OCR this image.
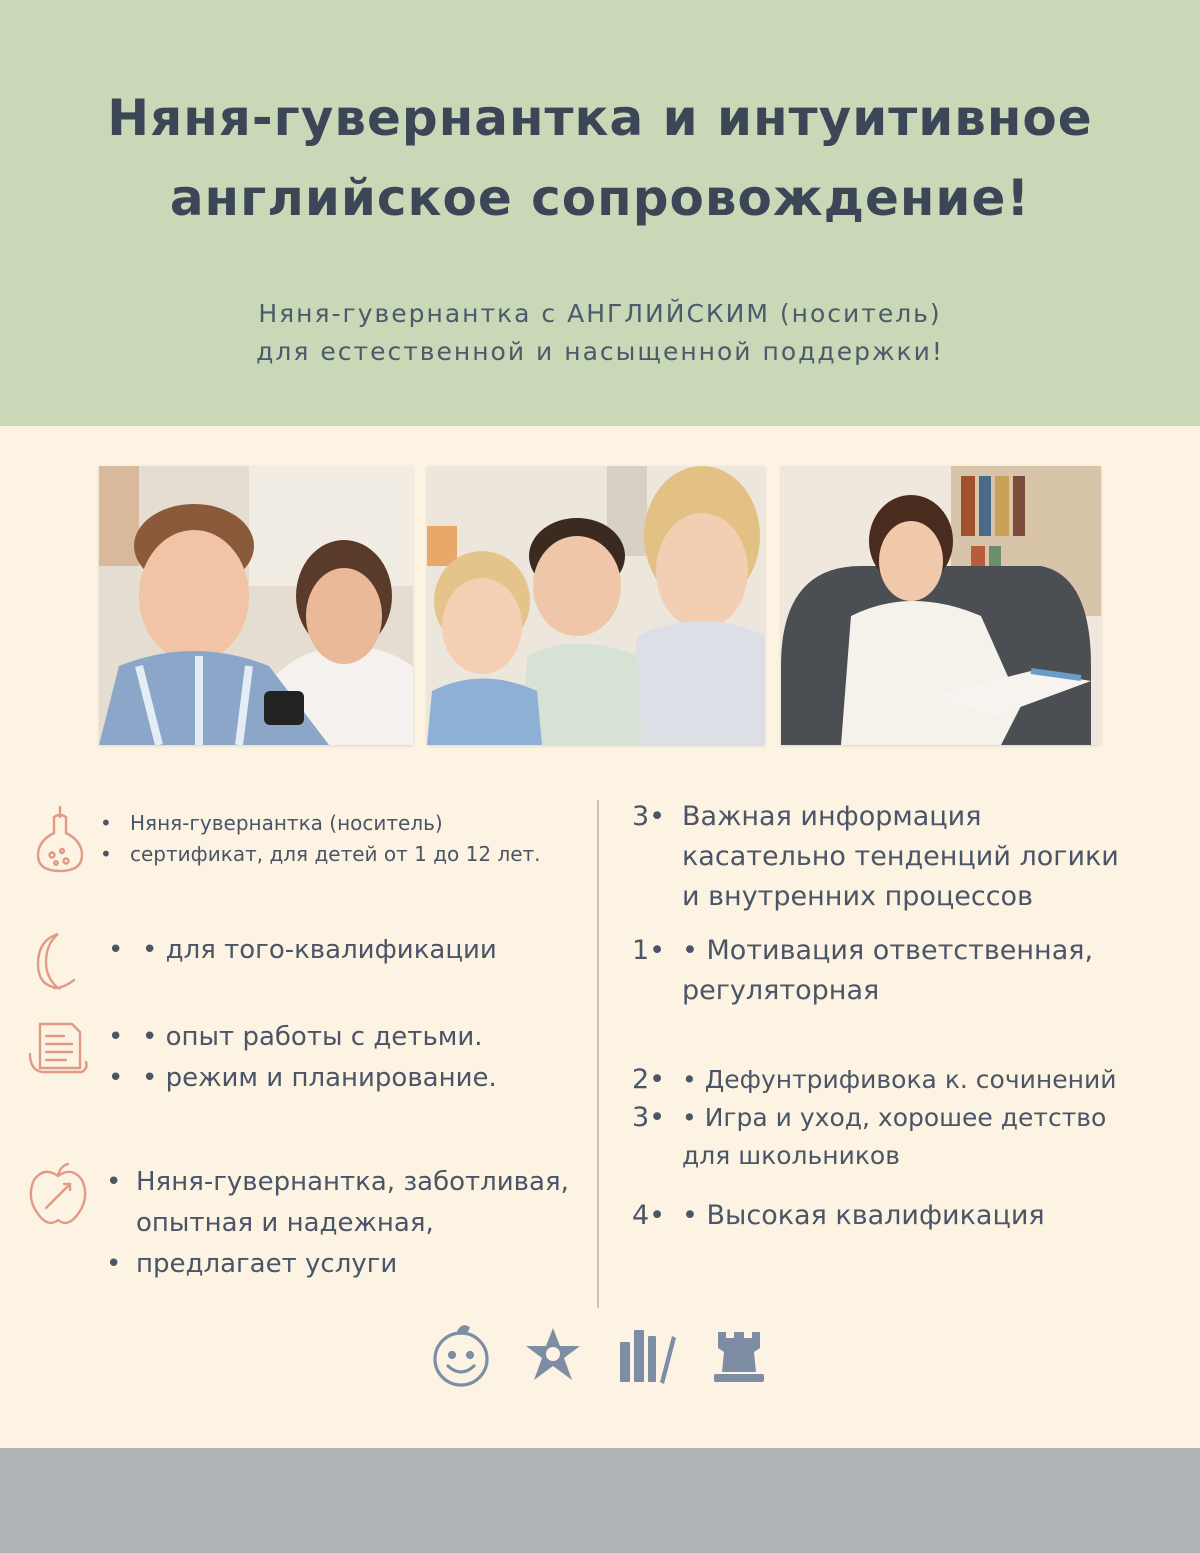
Няня-гувернантка и интуитивное
английское сопровождение!
Няня-гувернантка с АНГЛИЙСКИМ (носитель)
для естественной и насыщенной поддержки!
• Няня-гувернантка (носитель)
• сертификат, для детей от 1 до 12 лет.
• • для того-квалификации
• • опыт работы с детьми.
• • режим и планирование.
• Няня-гувернантка, заботливая,
опытная и надежная,
• предлагает услуги
3• Важная информация
касательно тенденций логики
и внутренних процессов
1• • Мотивация ответственная,
регуляторная
2• • Дефунтрифивока к. сочинений
3• • Игра и уход, хорошее детство
для школьников
4• • Высокая квалификация
